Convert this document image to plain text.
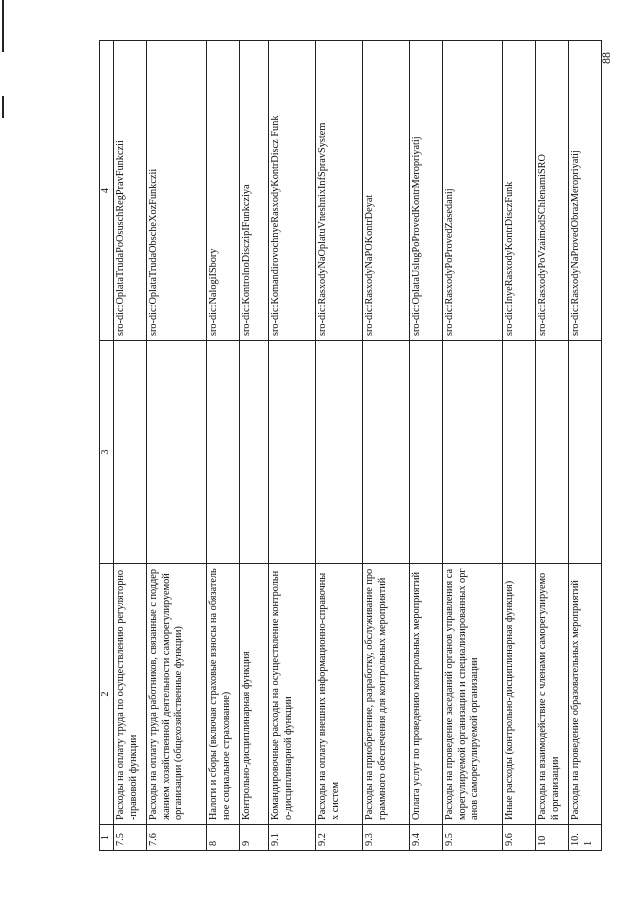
88
1	2	3	4
7.5	Расходы на оплату труда по осуществлению регуляторно-правовой функции		sro-dic:OplataTrudaPoOsuschRegPravFunkczii
7.6	Расходы на оплату труда работников, связанные с поддержанием хозяйственной деятельности саморегулируемой организации (общехозяйственные функции)		sro-dic:OplataTrudaObscheXozFunkczii
8	Налоги и сборы (включая страховые взносы на обязательное социальное страхование)		sro-dic:NalogiISbory
9	Контрольно-дисциплинарная функция		sro-dic:KontrolnoDisczipIFunkcziya
9.1	Командировочные расходы на осуществление контрольно-дисциплинарной функции		sro-dic:KomandirovochnyeRasxodyKontrDiscz Funk
9.2	Расходы на оплату внешних информационно-справочных систем		sro-dic:RasxodyNaOplatuVneshnixInfSpravSystem
9.3	Расходы на приобретение, разработку, обслуживание программного обеспечения для контрольных мероприятий		sro-dic:RasxodyNaPOKontrDeyat
9.4	Оплата услуг по проведению контрольных мероприятий		sro-dic:OplataUslugPoProvedKontrMeropriyatij
9.5	Расходы на проведение заседаний органов управления саморегулируемой организации и специализированных органов саморегулируемой организации		sro-dic:RasxodyPoProvedZasedanij
9.6	Иные расходы (контрольно-дисциплинарная функция)		sro-dic:InyeRasxodyKontrDisczFunk
10	Расходы на взаимодействие с членами саморегулируемой организации		sro-dic:RasxodyPoVzaimodSChlenamiSRO
10.1	Расходы на проведение образовательных мероприятий		sro-dic:RasxodyNaProvedObrazMeropriyatij
